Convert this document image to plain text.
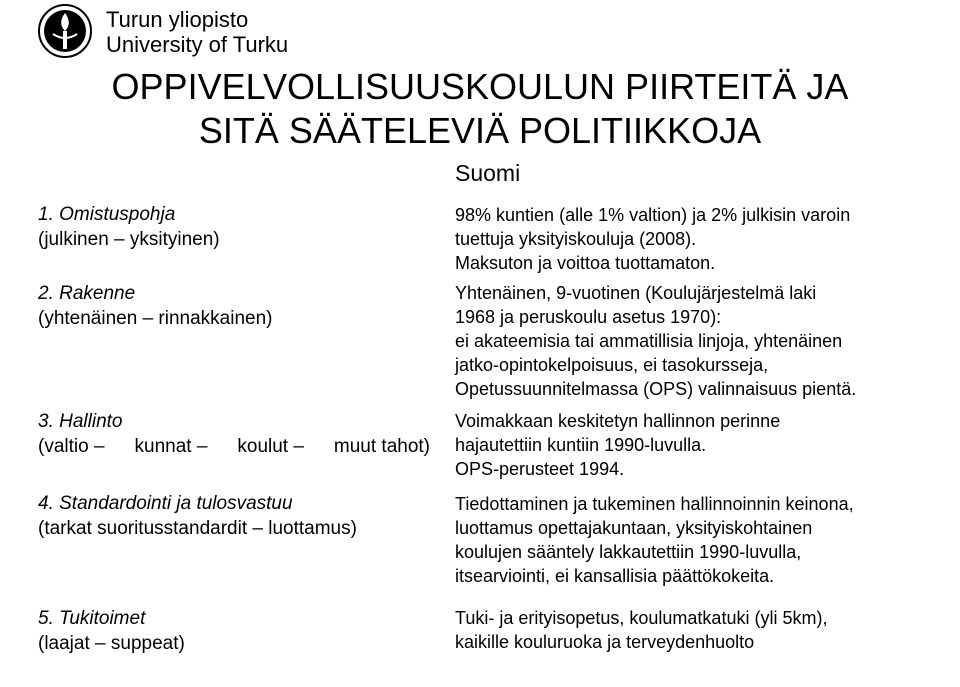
Turun yliopisto
University of Turku
OPPIVELVOLLISUUSKOULUN PIIRTEITÄ JA
SITÄ SÄÄTELEVIÄ POLITIIKKOJA
Suomi
1. Omistuspohja
(julkinen – yksityinen)
98% kuntien (alle 1% valtion) ja 2% julkisin varoin
tuettuja yksityiskouluja (2008).
Maksuton ja voittoa tuottamaton.
2. Rakenne
(yhtenäinen – rinnakkainen)
Yhtenäinen, 9-vuotinen (Koulujärjestelmä laki
1968 ja peruskoulu asetus 1970):
ei akateemisia tai ammatillisia linjoja, yhtenäinen
jatko-opintokelpoisuus, ei tasokursseja,
Opetussuunnitelmassa (OPS) valinnaisuus pientä.
3. Hallinto
(valtio – kunnat – koulut – muut tahot)
Voimakkaan keskitetyn hallinnon perinne
hajautettiin kuntiin 1990-luvulla.
OPS-perusteet 1994.
4. Standardointi ja tulosvastuu
(tarkat suoritusstandardit – luottamus)
Tiedottaminen ja tukeminen hallinnoinnin keinona,
luottamus opettajakuntaan, yksityiskohtainen
koulujen sääntely lakkautettiin 1990-luvulla,
itsearviointi, ei kansallisia päättökokeita.
5. Tukitoimet
(laajat – suppeat)
Tuki- ja erityisopetus, koulumatkatuki (yli 5km),
kaikille kouluruoka ja terveydenhuolto
